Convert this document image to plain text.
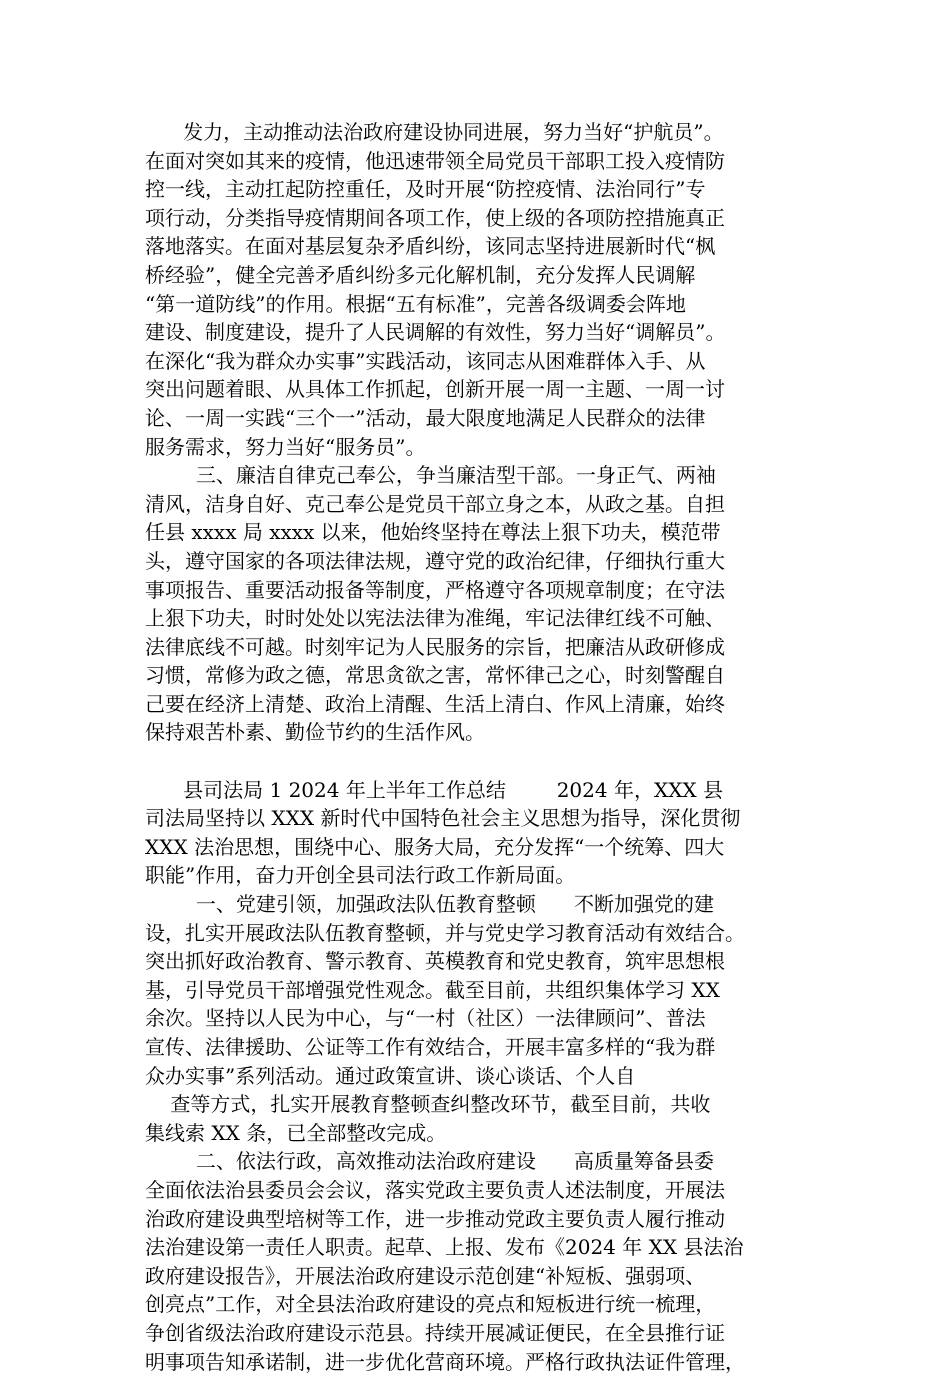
发力，主动推动法治政府建设协同进展，努力当好“护航员”。
在面对突如其来的疫情，他迅速带领全局党员干部职工投入疫情防
控一线，主动扛起防控重任，及时开展“防控疫情、法治同行”专
项行动，分类指导疫情期间各项工作，使上级的各项防控措施真正
落地落实。在面对基层复杂矛盾纠纷，该同志坚持进展新时代“枫
桥经验”，健全完善矛盾纠纷多元化解机制，充分发挥人民调解
“第一道防线”的作用。根据“五有标准”，完善各级调委会阵地
建设、制度建设，提升了人民调解的有效性，努力当好“调解员”。
在深化“我为群众办实事”实践活动，该同志从困难群体入手、从
突出问题着眼、从具体工作抓起，创新开展一周一主题、一周一讨
论、一周一实践“三个一”活动，最大限度地满足人民群众的法律
服务需求，努力当好“服务员”。
三、廉洁自律克己奉公，争当廉洁型干部。一身正气、两袖
清风，洁身自好、克己奉公是党员干部立身之本，从政之基。自担
任县 xxxx 局 xxxx 以来，他始终坚持在尊法上狠下功夫，模范带
头，遵守国家的各项法律法规，遵守党的政治纪律，仔细执行重大
事项报告、重要活动报备等制度，严格遵守各项规章制度；在守法
上狠下功夫，时时处处以宪法法律为准绳，牢记法律红线不可触、
法律底线不可越。时刻牢记为人民服务的宗旨，把廉洁从政研修成
习惯，常修为政之德，常思贪欲之害，常怀律己之心，时刻警醒自
己要在经济上清楚、政治上清醒、生活上清白、作风上清廉，始终
保持艰苦朴素、勤俭节约的生活作风。
县司法局 1 2024 年上半年工作总结        2024 年，XXX 县
司法局坚持以 XXX 新时代中国特色社会主义思想为指导，深化贯彻
XXX 法治思想，围绕中心、服务大局，充分发挥“一个统筹、四大
职能”作用，奋力开创全县司法行政工作新局面。
一、党建引领，加强政法队伍教育整顿      不断加强党的建
设，扎实开展政法队伍教育整顿，并与党史学习教育活动有效结合。
突出抓好政治教育、警示教育、英模教育和党史教育，筑牢思想根
基，引导党员干部增强党性观念。截至目前，共组织集体学习 XX
余次。坚持以人民为中心，与“一村（社区）一法律顾问”、普法
宣传、法律援助、公证等工作有效结合，开展丰富多样的“我为群
众办实事”系列活动。通过政策宣讲、谈心谈话、个人自
查等方式，扎实开展教育整顿查纠整改环节，截至目前，共收
集线索 XX 条，已全部整改完成。
二、依法行政，高效推动法治政府建设      高质量筹备县委
全面依法治县委员会会议，落实党政主要负责人述法制度，开展法
治政府建设典型培树等工作，进一步推动党政主要负责人履行推动
法治建设第一责任人职责。起草、上报、发布《2024 年 XX 县法治
政府建设报告》，开展法治政府建设示范创建“补短板、强弱项、
创亮点”工作，对全县法治政府建设的亮点和短板进行统一梳理，
争创省级法治政府建设示范县。持续开展减证便民，在全县推行证
明事项告知承诺制，进一步优化营商环境。严格行政执法证件管理，
